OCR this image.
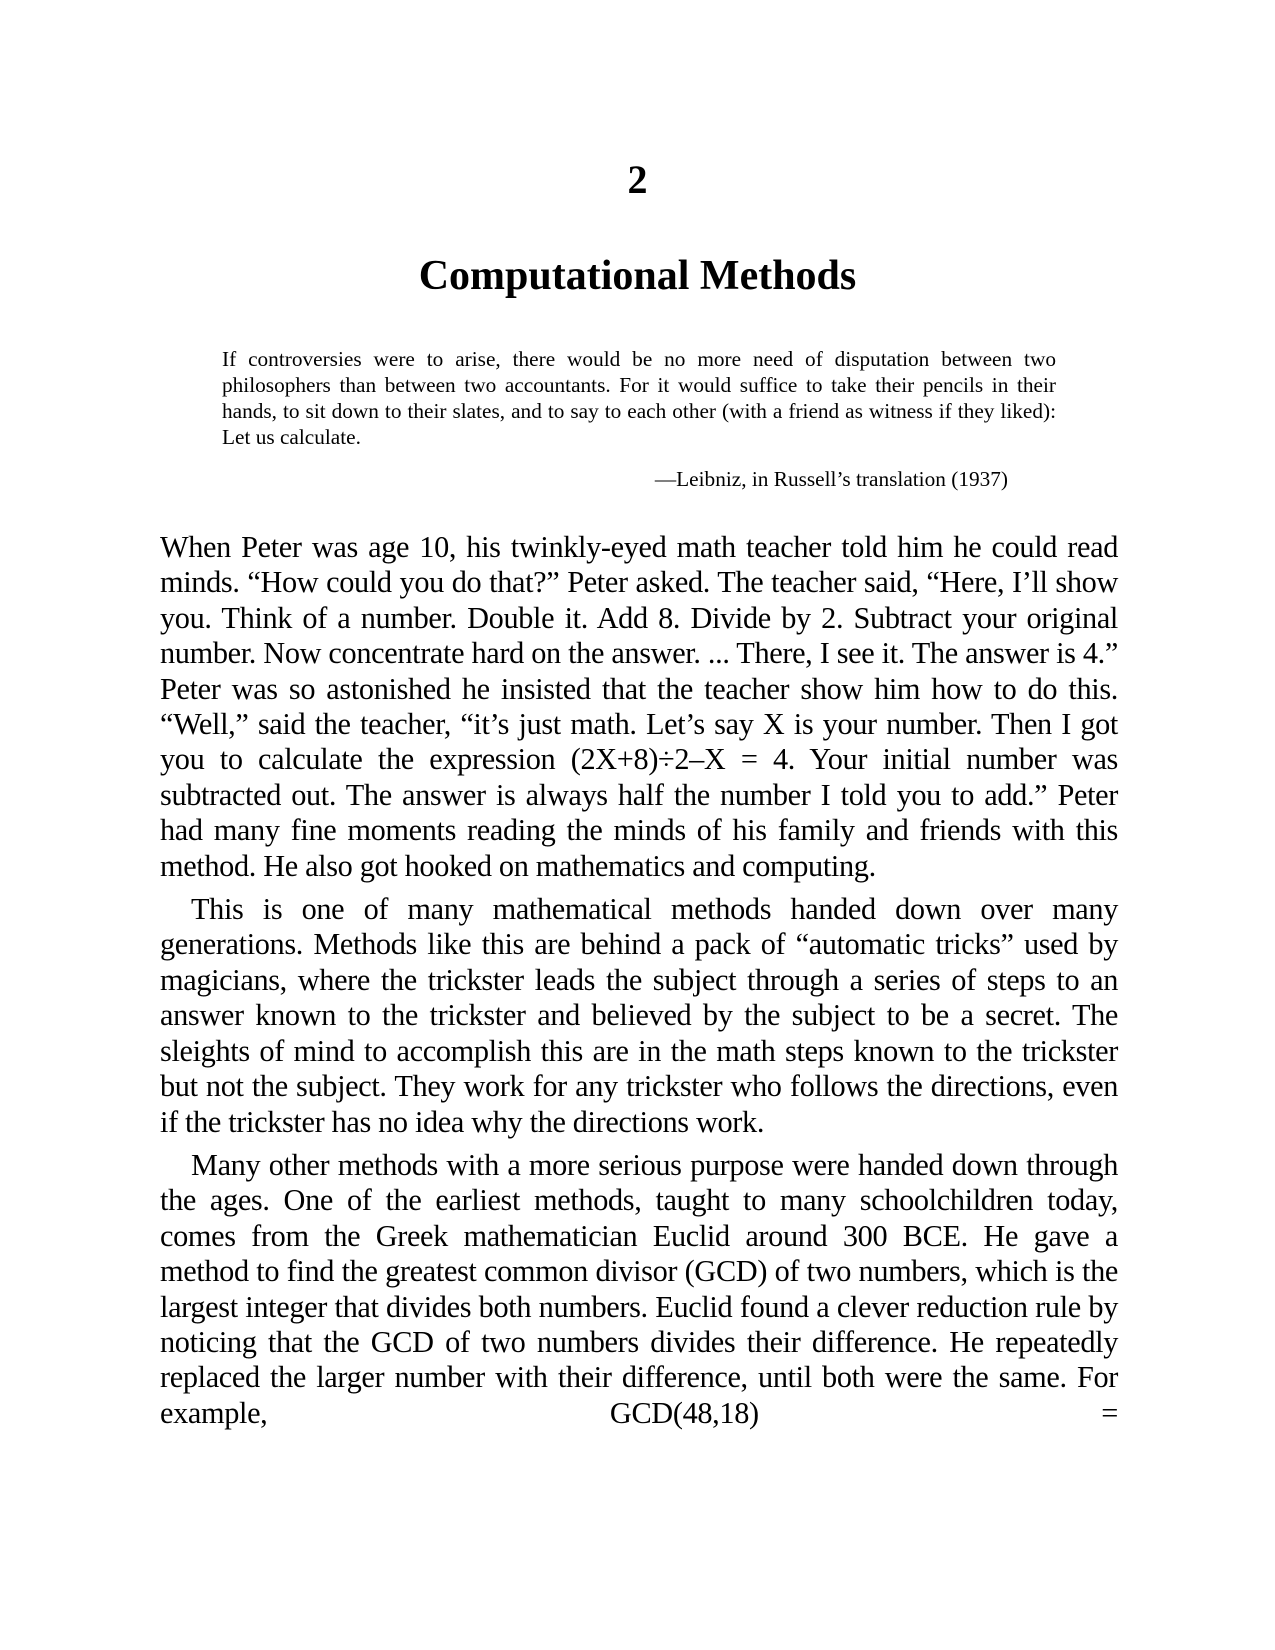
2
Computational Methods

If controversies were to arise, there would be no more need of disputation between two philosophers than between two accountants. For it would suffice to take their pencils in their hands, to sit down to their slates, and to say to each other (with a friend as witness if they liked): Let us calculate.

—Leibniz, in Russell’s translation (1937)

When Peter was age 10, his twinkly-eyed math teacher told him he could read minds. “How could you do that?” Peter asked. The teacher said, “Here, I’ll show you. Think of a number. Double it. Add 8. Divide by 2. Subtract your original number. Now concentrate hard on the answer. ... There, I see it. The answer is 4.” Peter was so astonished he insisted that the teacher show him how to do this. “Well,” said the teacher, “it’s just math. Let’s say X is your number. Then I got you to calculate the expression (2X+8)÷2–X = 4. Your initial number was subtracted out. The answer is always half the number I told you to add.” Peter had many fine moments reading the minds of his family and friends with this method. He also got hooked on mathematics and computing.

This is one of many mathematical methods handed down over many generations. Methods like this are behind a pack of “automatic tricks” used by magicians, where the trickster leads the subject through a series of steps to an answer known to the trickster and believed by the subject to be a secret. The sleights of mind to accomplish this are in the math steps known to the trickster but not the subject. They work for any trickster who follows the directions, even if the trickster has no idea why the directions work.

Many other methods with a more serious purpose were handed down through the ages. One of the earliest methods, taught to many schoolchildren today, comes from the Greek mathematician Euclid around 300 BCE. He gave a method to find the greatest common divisor (GCD) of two numbers, which is the largest integer that divides both numbers. Euclid found a clever reduction rule by noticing that the GCD of two numbers divides their difference. He repeatedly replaced the larger number with their difference, until both were the same. For example, GCD(48,18) =
